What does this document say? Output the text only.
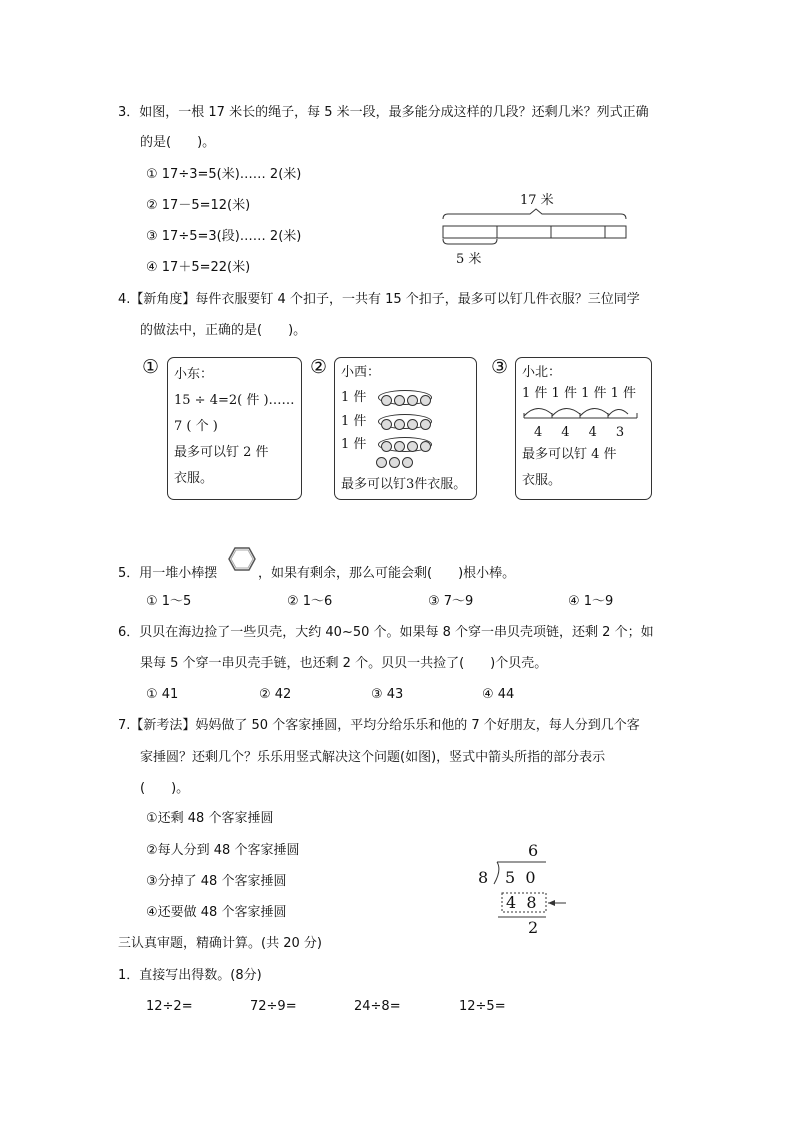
3．如图，一根 17 米长的绳子，每 5 米一段，最多能分成这样的几段？还剩几米？列式正确
的是(　　)。
① 17÷3=5(米)…… 2(米)
② 17－5=12(米)
③ 17÷5=3(段)…… 2(米)
④ 17＋5=22(米)
17 米
5 米
4.【新角度】每件衣服要钉 4 个扣子，一共有 15 个扣子，最多可以钉几件衣服？三位同学
的做法中，正确的是(　　)。
① 小东：
15 ÷ 4=2( 件 )……
7 ( 个 )
最多可以钉 2 件
衣服。
② 小西：
1 件
1 件
1 件
最多可以钉3件衣服。
③ 小北：
1 件 1 件 1 件 1 件
4 4 4 3
最多可以钉 4 件
衣服。
5．用一堆小棒摆	，如果有剩余，那么可能会剩(　　)根小棒。
① 1～5	② 1～6	③ 7～9	④ 1～9
6．贝贝在海边捡了一些贝壳，大约 40~50 个。如果每 8 个穿一串贝壳项链，还剩 2 个；如
果每 5 个穿一串贝壳手链，也还剩 2 个。贝贝一共捡了(　　)个贝壳。
① 41	② 42	③ 43	④ 44
7.【新考法】妈妈做了 50 个客家捶圆，平均分给乐乐和他的 7 个好朋友，每人分到几个客
家捶圆？还剩几个？乐乐用竖式解决这个问题(如图)，竖式中箭头所指的部分表示
(　　)。
①还剩 48 个客家捶圆
②每人分到 48 个客家捶圆
③分掉了 48 个客家捶圆
④还要做 48 个客家捶圆
6
8 5  0
4  8
2
三认真审题，精确计算。(共 20 分)
1．直接写出得数。(8分)
12÷2=	72÷9=	24÷8=	12÷5=
